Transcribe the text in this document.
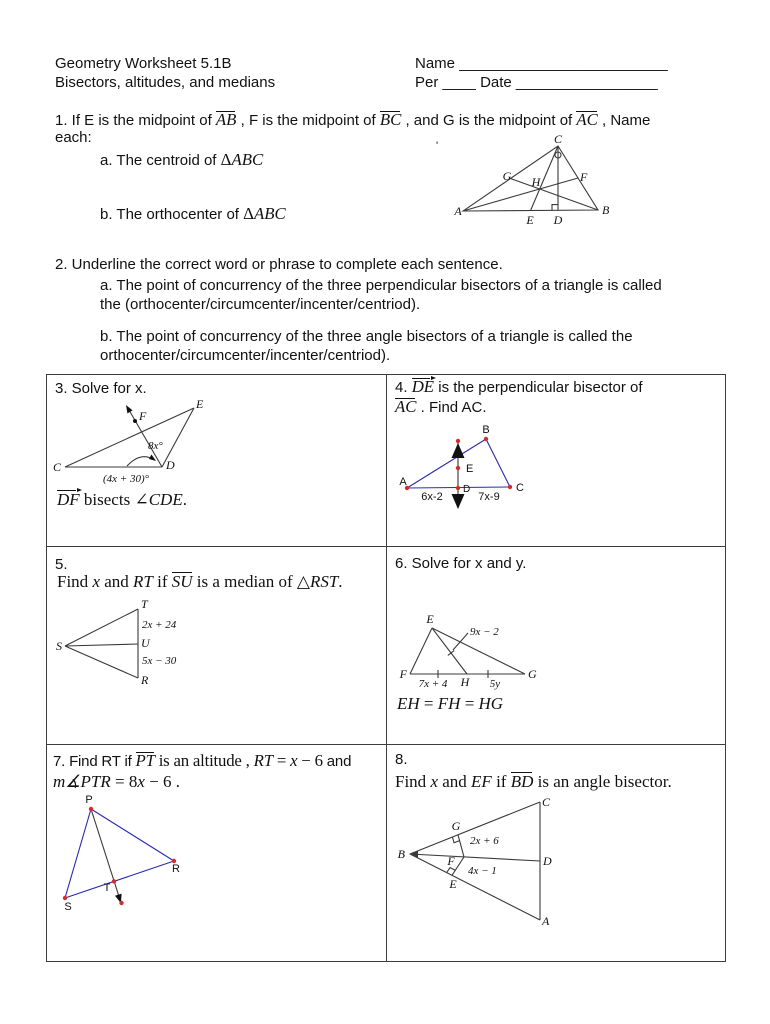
Geometry Worksheet 5.1B
Bisectors, altitudes, and medians
Name _________________________
Per ____ Date _________________
1. If E is the midpoint of AB , F is the midpoint of BC , and G is the midpoint of AC , Name
each:
a. The centroid of ΔABC
b. The orthocenter of ΔABC
'	C
A	B
E D
G	F
H
2. Underline the correct word or phrase to complete each sentence.
a. The point of concurrency of the three perpendicular bisectors of a triangle is called
the (orthocenter/circumcenter/incenter/centriod).
b. The point of concurrency of the three angle bisectors of a triangle is called the
orthocenter/circumcenter/incenter/centriod).
3. Solve for x.
C	D
E
F
8x°
(4x + 30)°
DF bisects ∠CDE.
4. DE is the perpendicular bisector of
AC . Find AC.
B
A	C
E
D
6x-2	7x-9
5.
Find x and RT if SU is a median of △RST.
S
T
2x + 24
U
5x − 30
R
6. Solve for x and y.
E
F	G
H
7x + 4	5y
9x − 2
EH = FH = HG
7. Find RT if PT is an altitude , RT = x − 6 and
m∡PTR = 8x − 6 .
P
S
R
T
8.
Find x and EF if BD is an angle bisector.
B
C
D
A
G
F
E
2x + 6
4x − 1
